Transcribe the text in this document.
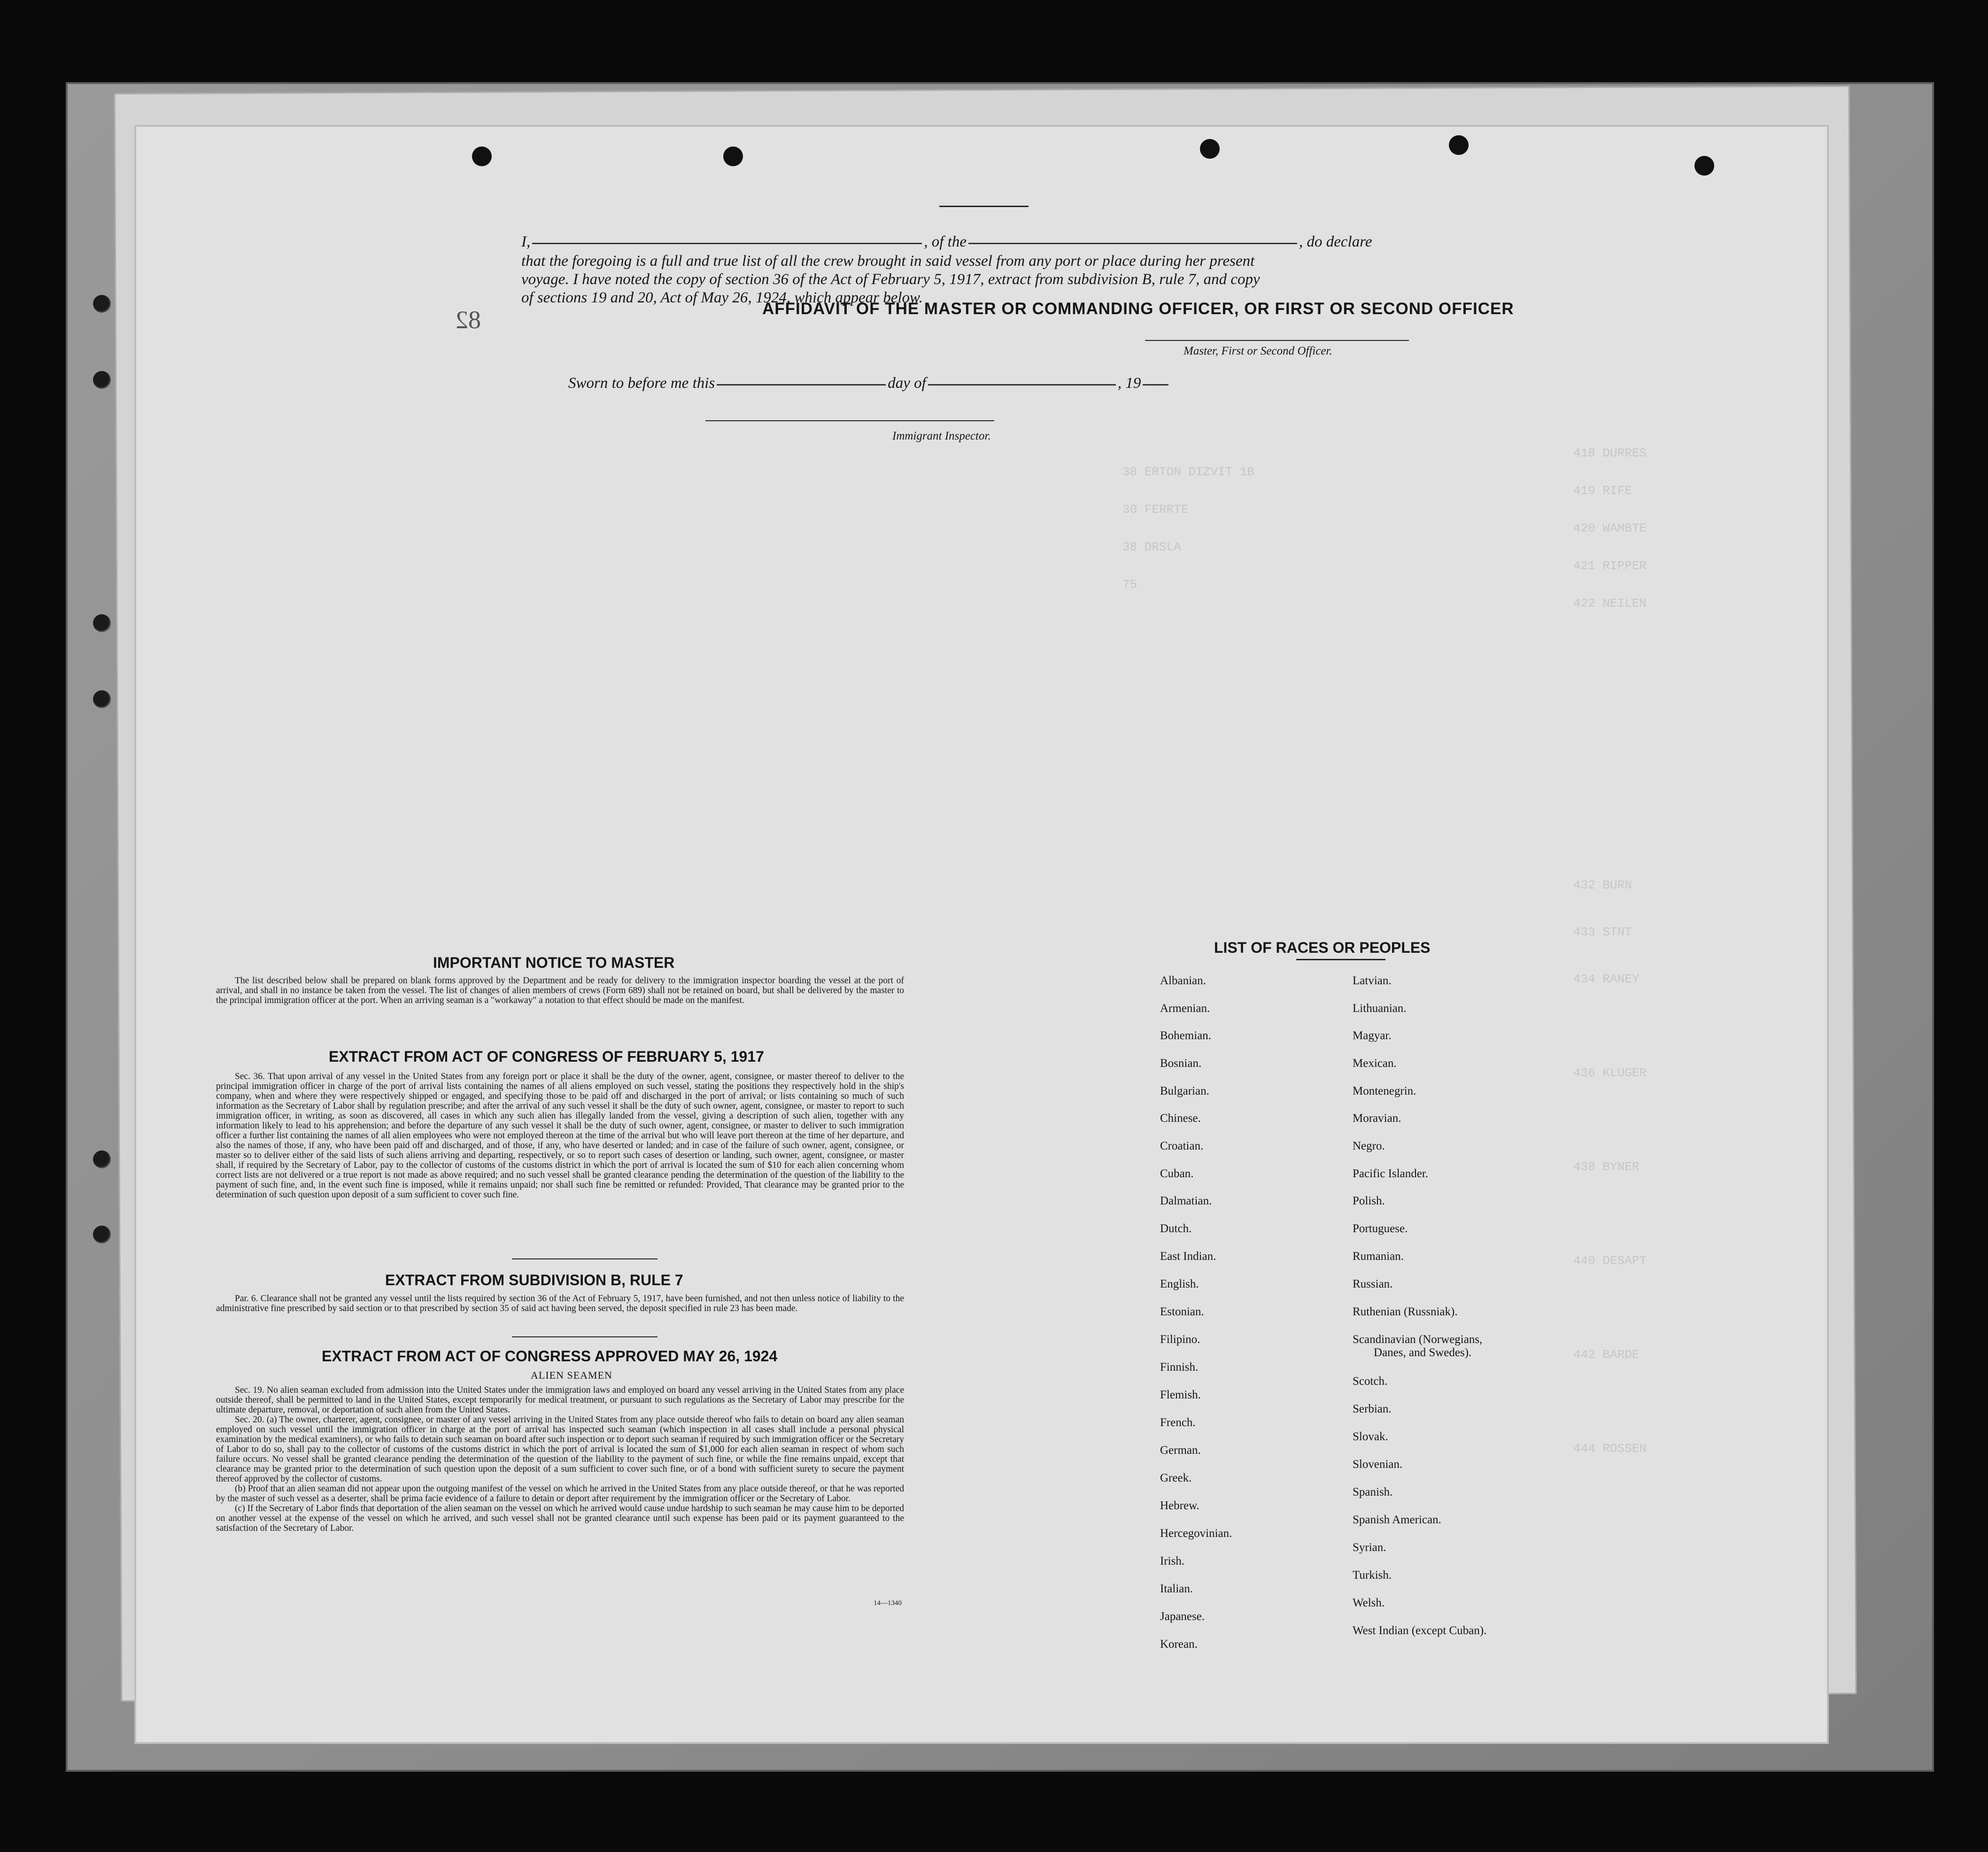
418 DURRES
419 RIFE
420 WAMBTE
421 RIPPER
422 NEILEN
38 ERTON DIZVIT 1B
30 FERRTE
38 DRSLA
75
432 BURN
433 STNT
434 RANEY
436 KLUGER
438 BYNER
440 DESAPT
442 BARDE
444 ROSSEN
82	AFFIDAVIT OF THE MASTER OR COMMANDING OFFICER, OR FIRST OR SECOND OFFICER
I,	, of the	, do declare
that the foregoing is a full and true list of all the crew brought in said vessel from any port or place during her present
voyage. I have noted the copy of section 36 of the Act of February 5, 1917, extract from subdivision B, rule 7, and copy
of sections 19 and 20, Act of May 26, 1924, which appear below.
Master, First or Second Officer.
Sworn to before me this	day of	, 19
Immigrant Inspector.
IMPORTANT NOTICE TO MASTER

The list described below shall be prepared on blank forms approved by the Department and be ready for delivery to the immigration inspector boarding the vessel at the port of arrival, and shall in no instance be taken from the vessel. The list of changes of alien members of crews (Form 689) shall not be retained on board, but shall be delivered by the master to the principal immigration officer at the port. When an arriving seaman is a "workaway" a notation to that effect should be made on the manifest.

EXTRACT FROM ACT OF CONGRESS OF FEBRUARY 5, 1917

Sec. 36. That upon arrival of any vessel in the United States from any foreign port or place it shall be the duty of the owner, agent, consignee, or master thereof to deliver to the principal immigration officer in charge of the port of arrival lists containing the names of all aliens employed on such vessel, stating the positions they respectively hold in the ship's company, when and where they were respectively shipped or engaged, and specifying those to be paid off and discharged in the port of arrival; or lists containing so much of such information as the Secretary of Labor shall by regulation prescribe; and after the arrival of any such vessel it shall be the duty of such owner, agent, consignee, or master to report to such immigration officer, in writing, as soon as discovered, all cases in which any such alien has illegally landed from the vessel, giving a description of such alien, together with any information likely to lead to his apprehension; and before the departure of any such vessel it shall be the duty of such owner, agent, consignee, or master to deliver to such immigration officer a further list containing the names of all alien employees who were not employed thereon at the time of the arrival but who will leave port thereon at the time of her departure, and also the names of those, if any, who have been paid off and discharged, and of those, if any, who have deserted or landed; and in case of the failure of such owner, agent, consignee, or master so to deliver either of the said lists of such aliens arriving and departing, respectively, or so to report such cases of desertion or landing, such owner, agent, consignee, or master shall, if required by the Secretary of Labor, pay to the collector of customs of the customs district in which the port of arrival is located the sum of $10 for each alien concerning whom correct lists are not delivered or a true report is not made as above required; and no such vessel shall be granted clearance pending the determination of the question of the liability to the payment of such fine, and, in the event such fine is imposed, while it remains unpaid; nor shall such fine be remitted or refunded: Provided, That clearance may be granted prior to the determination of such question upon deposit of a sum sufficient to cover such fine.

EXTRACT FROM SUBDIVISION B, RULE 7

Par. 6. Clearance shall not be granted any vessel until the lists required by section 36 of the Act of February 5, 1917, have been furnished, and not then unless notice of liability to the administrative fine prescribed by said section or to that prescribed by section 35 of said act having been served, the deposit specified in rule 23 has been made.

EXTRACT FROM ACT OF CONGRESS APPROVED MAY 26, 1924
ALIEN SEAMEN

Sec. 19. No alien seaman excluded from admission into the United States under the immigration laws and employed on board any vessel arriving in the United States from any place outside thereof, shall be permitted to land in the United States, except temporarily for medical treatment, or pursuant to such regulations as the Secretary of Labor may prescribe for the ultimate departure, removal, or deportation of such alien from the United States.

Sec. 20. (a) The owner, charterer, agent, consignee, or master of any vessel arriving in the United States from any place outside thereof who fails to detain on board any alien seaman employed on such vessel until the immigration officer in charge at the port of arrival has inspected such seaman (which inspection in all cases shall include a personal physical examination by the medical examiners), or who fails to detain such seaman on board after such inspection or to deport such seaman if required by such immigration officer or the Secretary of Labor to do so, shall pay to the collector of customs of the customs district in which the port of arrival is located the sum of $1,000 for each alien seaman in respect of whom such failure occurs. No vessel shall be granted clearance pending the determination of the question of the liability to the payment of such fine, or while the fine remains unpaid, except that clearance may be granted prior to the determination of such question upon the deposit of a sum sufficient to cover such fine, or of a bond with sufficient surety to secure the payment thereof approved by the collector of customs.

(b) Proof that an alien seaman did not appear upon the outgoing manifest of the vessel on which he arrived in the United States from any place outside thereof, or that he was reported by the master of such vessel as a deserter, shall be prima facie evidence of a failure to detain or deport after requirement by the immigration officer or the Secretary of Labor.

(c) If the Secretary of Labor finds that deportation of the alien seaman on the vessel on which he arrived would cause undue hardship to such seaman he may cause him to be deported on another vessel at the expense of the vessel on which he arrived, and such vessel shall not be granted clearance until such expense has been paid or its payment guaranteed to the satisfaction of the Secretary of Labor.

14—1340
LIST OF RACES OR PEOPLES
Albanian.
Armenian.
Bohemian.
Bosnian.
Bulgarian.
Chinese.
Croatian.
Cuban.
Dalmatian.
Dutch.
East Indian.
English.
Estonian.
Filipino.
Finnish.
Flemish.
French.
German.
Greek.
Hebrew.
Hercegovinian.
Irish.
Italian.
Japanese.
Korean.
Latvian.
Lithuanian.
Magyar.
Mexican.
Montenegrin.
Moravian.
Negro.
Pacific Islander.
Polish.
Portuguese.
Rumanian.
Russian.
Ruthenian (Russniak).
Scandinavian (Norwegians,
Danes, and Swedes).
Scotch.
Serbian.
Slovak.
Slovenian.
Spanish.
Spanish American.
Syrian.
Turkish.
Welsh.
West Indian (except Cuban).
